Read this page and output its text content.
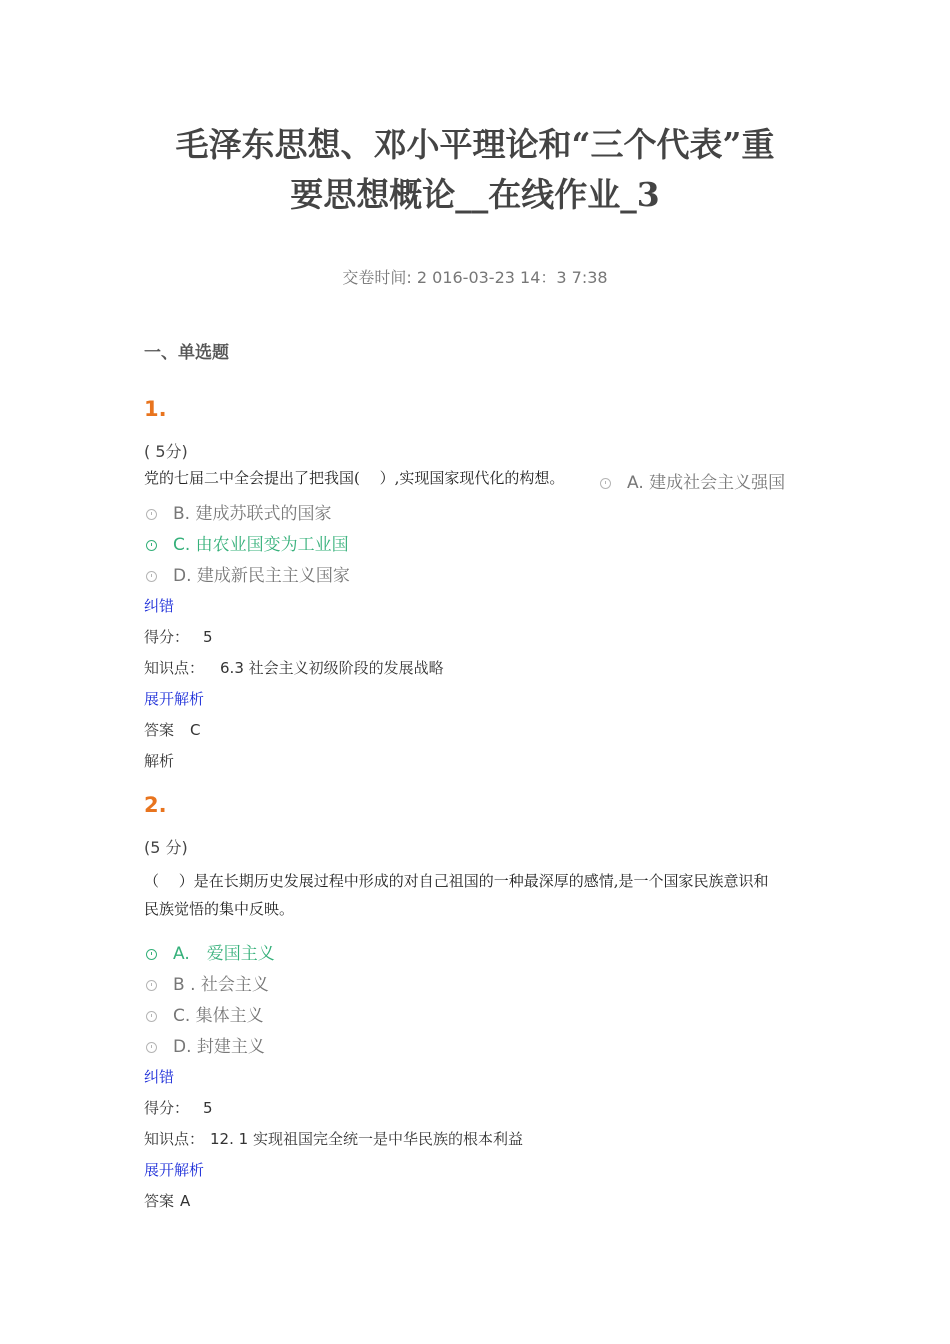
毛泽东思想、邓小平理论和“三个代表”重
要思想概论__在线作业_3
交卷时间: 2 016-03-23 14：3 7:38
一、单选题
1.
( 5分)
党的七届二中全会提出了把我国(　 ）,实现国家现代化的构想。	A. 建成社会主义强国
B. 建成苏联式的国家
C. 由农业国变为工业国
D. 建成新民主主义国家
纠错
得分： 5
知识点： 6.3 社会主义初级阶段的发展战略
展开解析
答案 C
解析
2.
(5 分)
（　 ）是在长期历史发展过程中形成的对自己祖国的一种最深厚的感情,是一个国家民族意识和
民族觉悟的集中反映。
A.　爱国主义
B . 社会主义
C. 集体主义
D. 封建主义
纠错
得分： 5
知识点： 12. 1 实现祖国完全统一是中华民族的根本利益
展开解析
答案 A
